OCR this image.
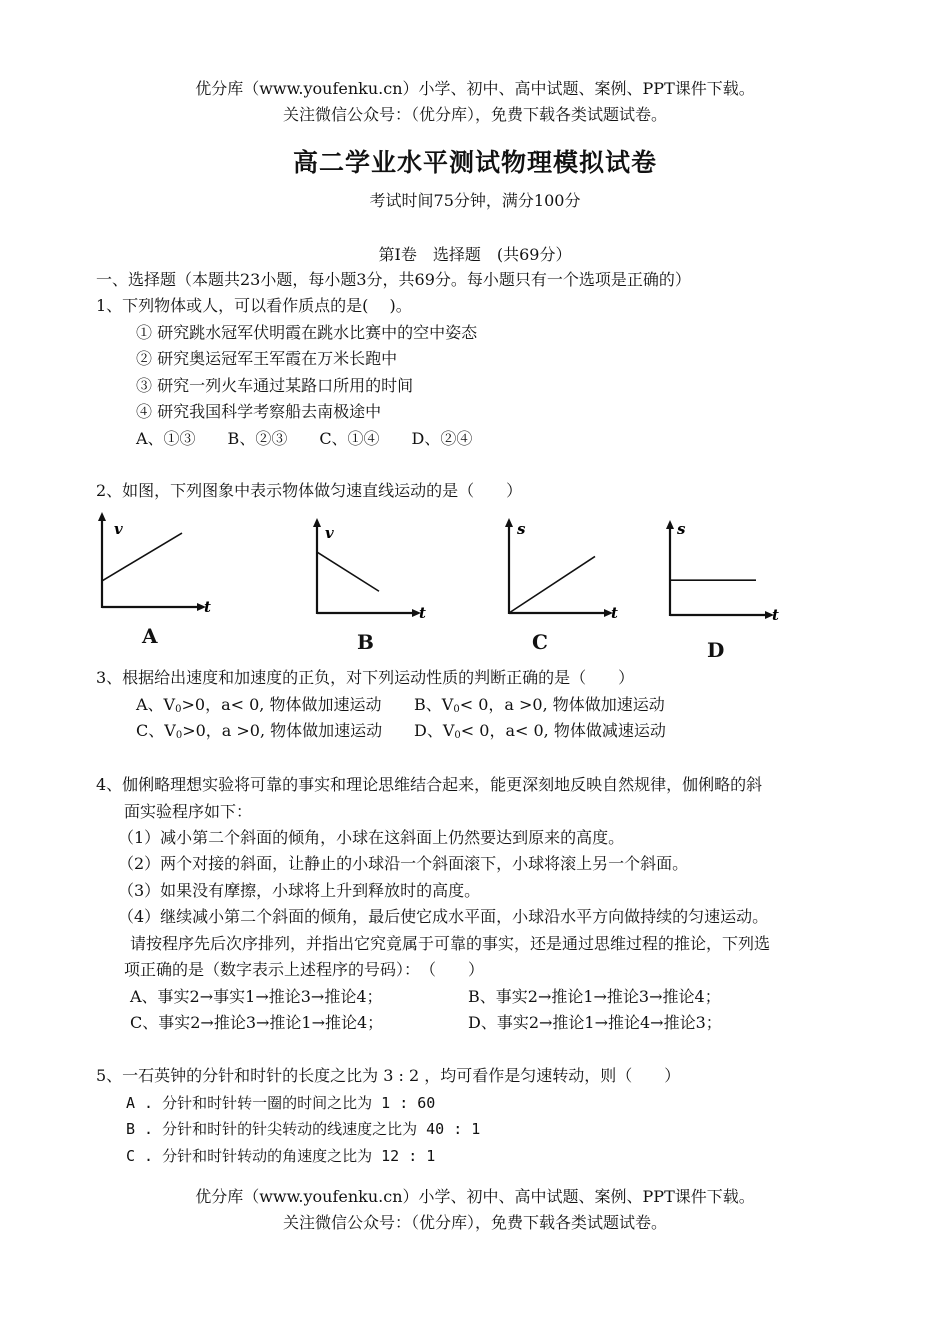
优分库（www.youfenku.cn）小学、初中、高中试题、案例、PPT课件下载。
关注微信公众号：（优分库），免费下载各类试题试卷。
高二学业水平测试物理模拟试卷
考试时间75分钟，满分100分
第Ⅰ卷　选择题　(共69分）
一、选择题（本题共23小题，每小题3分，共69分。每小题只有一个选项是正确的）
1、下列物体或人，可以看作质点的是(　 )。
① 研究跳水冠军伏明霞在跳水比赛中的空中姿态
② 研究奥运冠军王军霞在万米长跑中
③ 研究一列火车通过某路口所用的时间
④ 研究我国科学考察船去南极途中
A、①③　　B、②③　　C、①④　　D、②④
2、如图，下列图象中表示物体做匀速直线运动的是（　　）
v
t
A
v
t
B
s
t
C
s
t
D
3、根据给出速度和加速度的正负，对下列运动性质的判断正确的是（　　）
A、$V_0>0$，a< 0, 物体做加速运动 B、$V_0< 0$，a >0, 物体做加速运动
C、$V_0>0$，a >0, 物体做加速运动 D、$V_0< 0$，a< 0, 物体做减速运动
4、伽俐略理想实验将可靠的事实和理论思维结合起来，能更深刻地反映自然规律，伽俐略的斜
面实验程序如下：
（1）减小第二个斜面的倾角，小球在这斜面上仍然要达到原来的高度。
（2）两个对接的斜面，让静止的小球沿一个斜面滚下，小球将滚上另一个斜面。
（3）如果没有摩擦，小球将上升到释放时的高度。
（4）继续减小第二个斜面的倾角，最后使它成水平面，小球沿水平方向做持续的匀速运动。
请按程序先后次序排列，并指出它究竟属于可靠的事实，还是通过思维过程的推论，下列选
项正确的是（数字表示上述程序的号码）：　（　　）
A、事实2→事实1→推论3→推论4；	B、事实2→推论1→推论3→推论4；
C、事实2→推论3→推论1→推论4；	D、事实2→推论1→推论4→推论3；
5、一石英钟的分针和时针的长度之比为 3 : 2 ，均可看作是匀速转动，则（　　）
A . 分针和时针转一圈的时间之比为 1 : 60
B . 分针和时针的针尖转动的线速度之比为 40 : 1
C . 分针和时针转动的角速度之比为 12 : 1
优分库（www.youfenku.cn）小学、初中、高中试题、案例、PPT课件下载。
关注微信公众号：（优分库），免费下载各类试题试卷。
